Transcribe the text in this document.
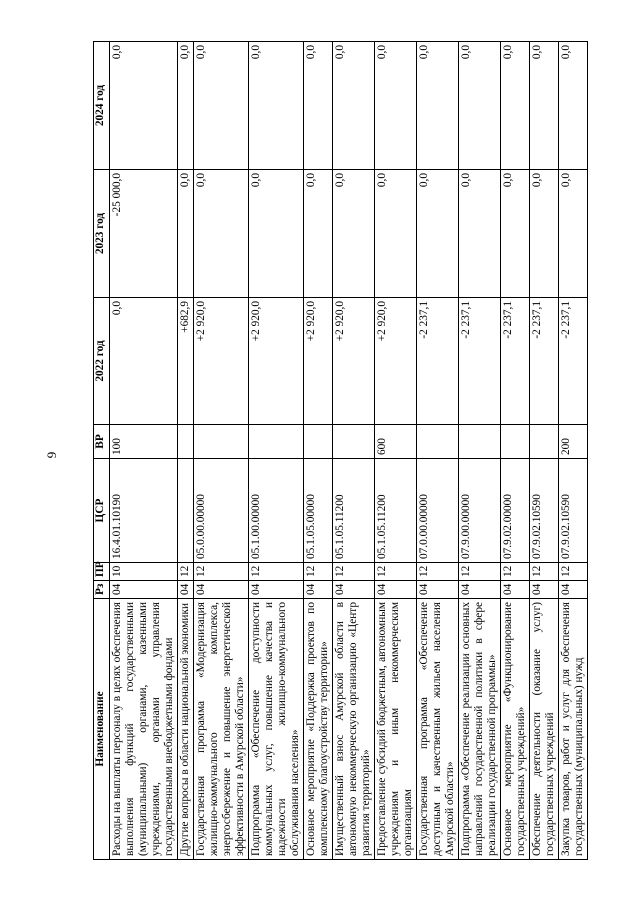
9
Наименование	Рз	ПР	ЦСР	ВР	2022 год	2023 год	2024 год
Расходы на выплаты персоналу в целях обеспечения выполнения функций государственными (муниципальными) органами, казенными учреждениями, органами управления государственными внебюджетными фондами	04	10	16.4.01.10190	100	0,0	-25 000,0	0,0
Другие вопросы в области национальной экономики	04	12			+682,9	0,0	0,0
Государственная программа «Модернизация жилищно-коммунального комплекса, энергосбережение и повышение энергетической эффективности в Амурской области»	04	12	05.0.00.00000		+2 920,0	0,0	0,0
Подпрограмма «Обеспечение доступности коммунальных услуг, повышение качества и надежности жилищно-коммунального обслуживания населения»	04	12	05.1.00.00000		+2 920,0	0,0	0,0
Основное мероприятие «Поддержка проектов по комплексному благоустройству территории»	04	12	05.1.05.00000		+2 920,0	0,0	0,0
Имущественный взнос Амурской области в автономную некоммерческую организацию «Центр развития территорий»	04	12	05.1.05.11200		+2 920,0	0,0	0,0
Предоставление субсидий бюджетным, автономным учреждениям и иным некоммерческим организациям	04	12	05.1.05.11200	600	+2 920,0	0,0	0,0
Государственная программа «Обеспечение доступным и качественным жильем населения Амурской области»	04	12	07.0.00.00000		-2 237,1	0,0	0,0
Подпрограмма «Обеспечение реализации основных направлений государственной политики в сфере реализации государственной программы»	04	12	07.9.00.00000		-2 237,1	0,0	0,0
Основное мероприятие «Функционирование государственных учреждений»	04	12	07.9.02.00000		-2 237,1	0,0	0,0
Обеспечение деятельности (оказание услуг) государственных учреждений	04	12	07.9.02.10590		-2 237,1	0,0	0,0
Закупка товаров, работ и услуг для обеспечения государственных (муниципальных) нужд	04	12	07.9.02.10590	200	-2 237,1	0,0	0,0
